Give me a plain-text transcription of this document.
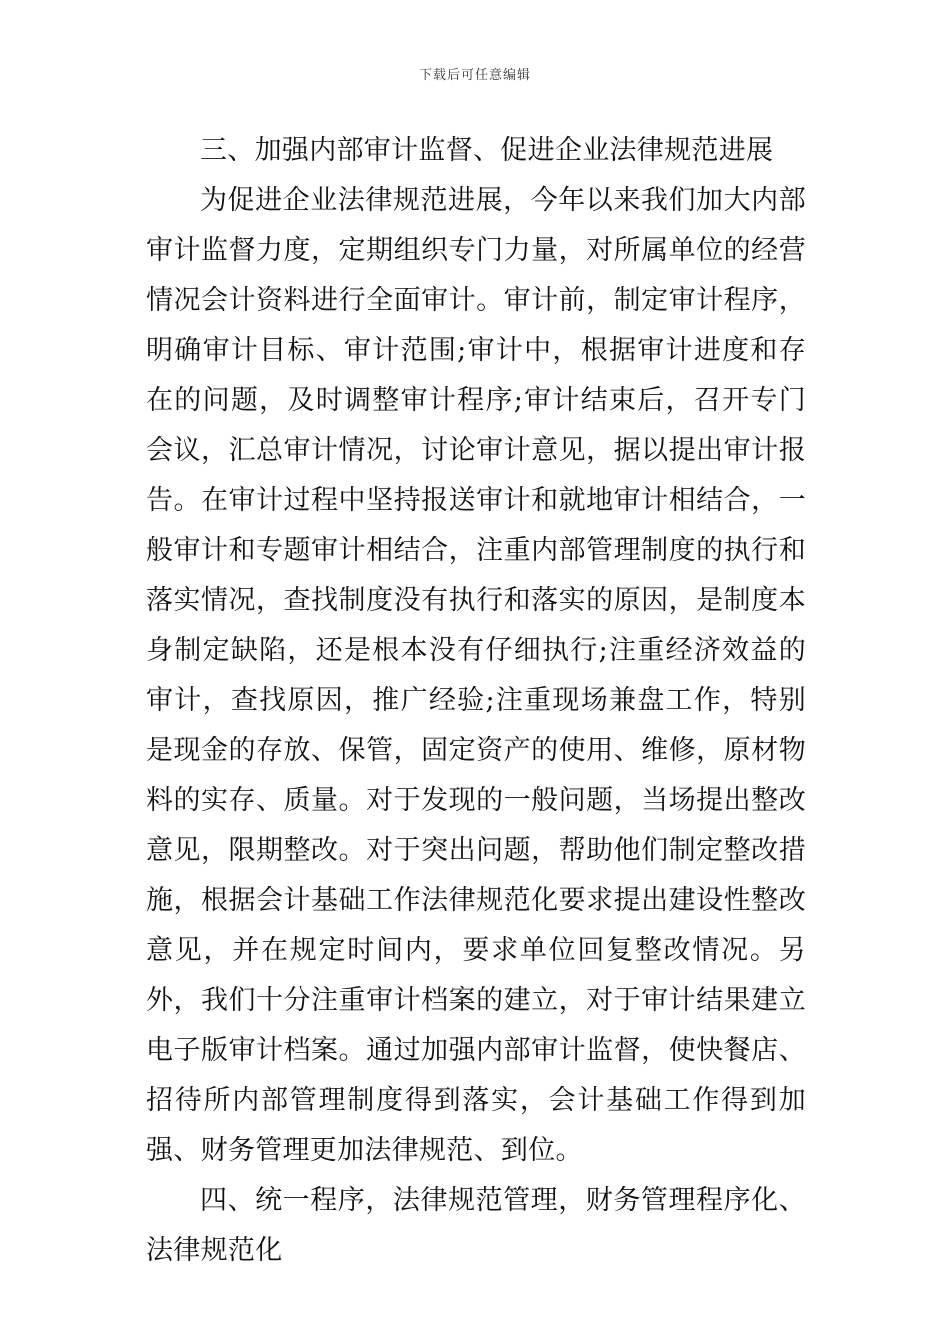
下载后可任意编辑

三、加强内部审计监督、促进企业法律规范进展

为促进企业法律规范进展，今年以来我们加大内部审计监督力度，定期组织专门力量，对所属单位的经营情况会计资料进行全面审计。审计前，制定审计程序，明确审计目标、审计范围;审计中，根据审计进度和存在的问题，及时调整审计程序;审计结束后，召开专门会议，汇总审计情况，讨论审计意见，据以提出审计报告。在审计过程中坚持报送审计和就地审计相结合，一般审计和专题审计相结合，注重内部管理制度的执行和落实情况，查找制度没有执行和落实的原因，是制度本身制定缺陷，还是根本没有仔细执行;注重经济效益的审计，查找原因，推广经验;注重现场兼盘工作，特别是现金的存放、保管，固定资产的使用、维修，原材物料的实存、质量。对于发现的一般问题，当场提出整改意见，限期整改。对于突出问题，帮助他们制定整改措施，根据会计基础工作法律规范化要求提出建设性整改意见，并在规定时间内，要求单位回复整改情况。另外，我们十分注重审计档案的建立，对于审计结果建立电子版审计档案。通过加强内部审计监督，使快餐店、招待所内部管理制度得到落实，会计基础工作得到加强、财务管理更加法律规范、到位。

四、统一程序，法律规范管理，财务管理程序化、法律规范化
